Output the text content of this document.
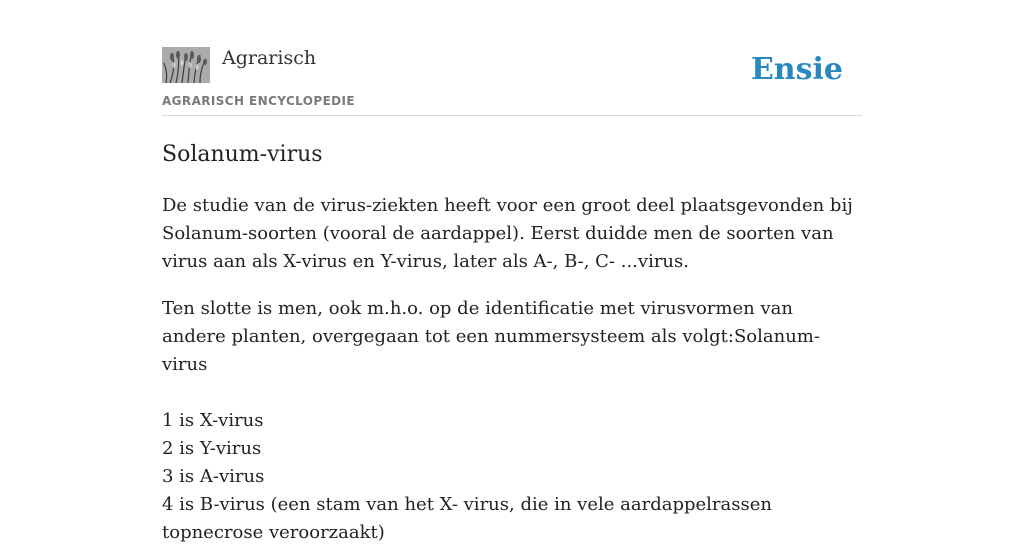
Agrarisch
AGRARISCH ENCYCLOPEDIE
Ensie
Solanum-virus

De studie van de virus-ziekten heeft voor een groot deel plaatsgevonden bij Solanum-soorten (vooral de aardappel). Eerst duidde men de soorten van virus aan als X-virus en Y-virus, later als A-, B-, C- ...virus.

Ten slotte is men, ook m.h.o. op de identificatie met virusvormen van andere planten, overgegaan tot een nummersysteem als volgt:Solanum-virus

1 is X-virus
2 is Y-virus
3 is A-virus
4 is B-virus (een stam van het X- virus, die in vele aardappelrassen topnecrose veroorzaakt)
